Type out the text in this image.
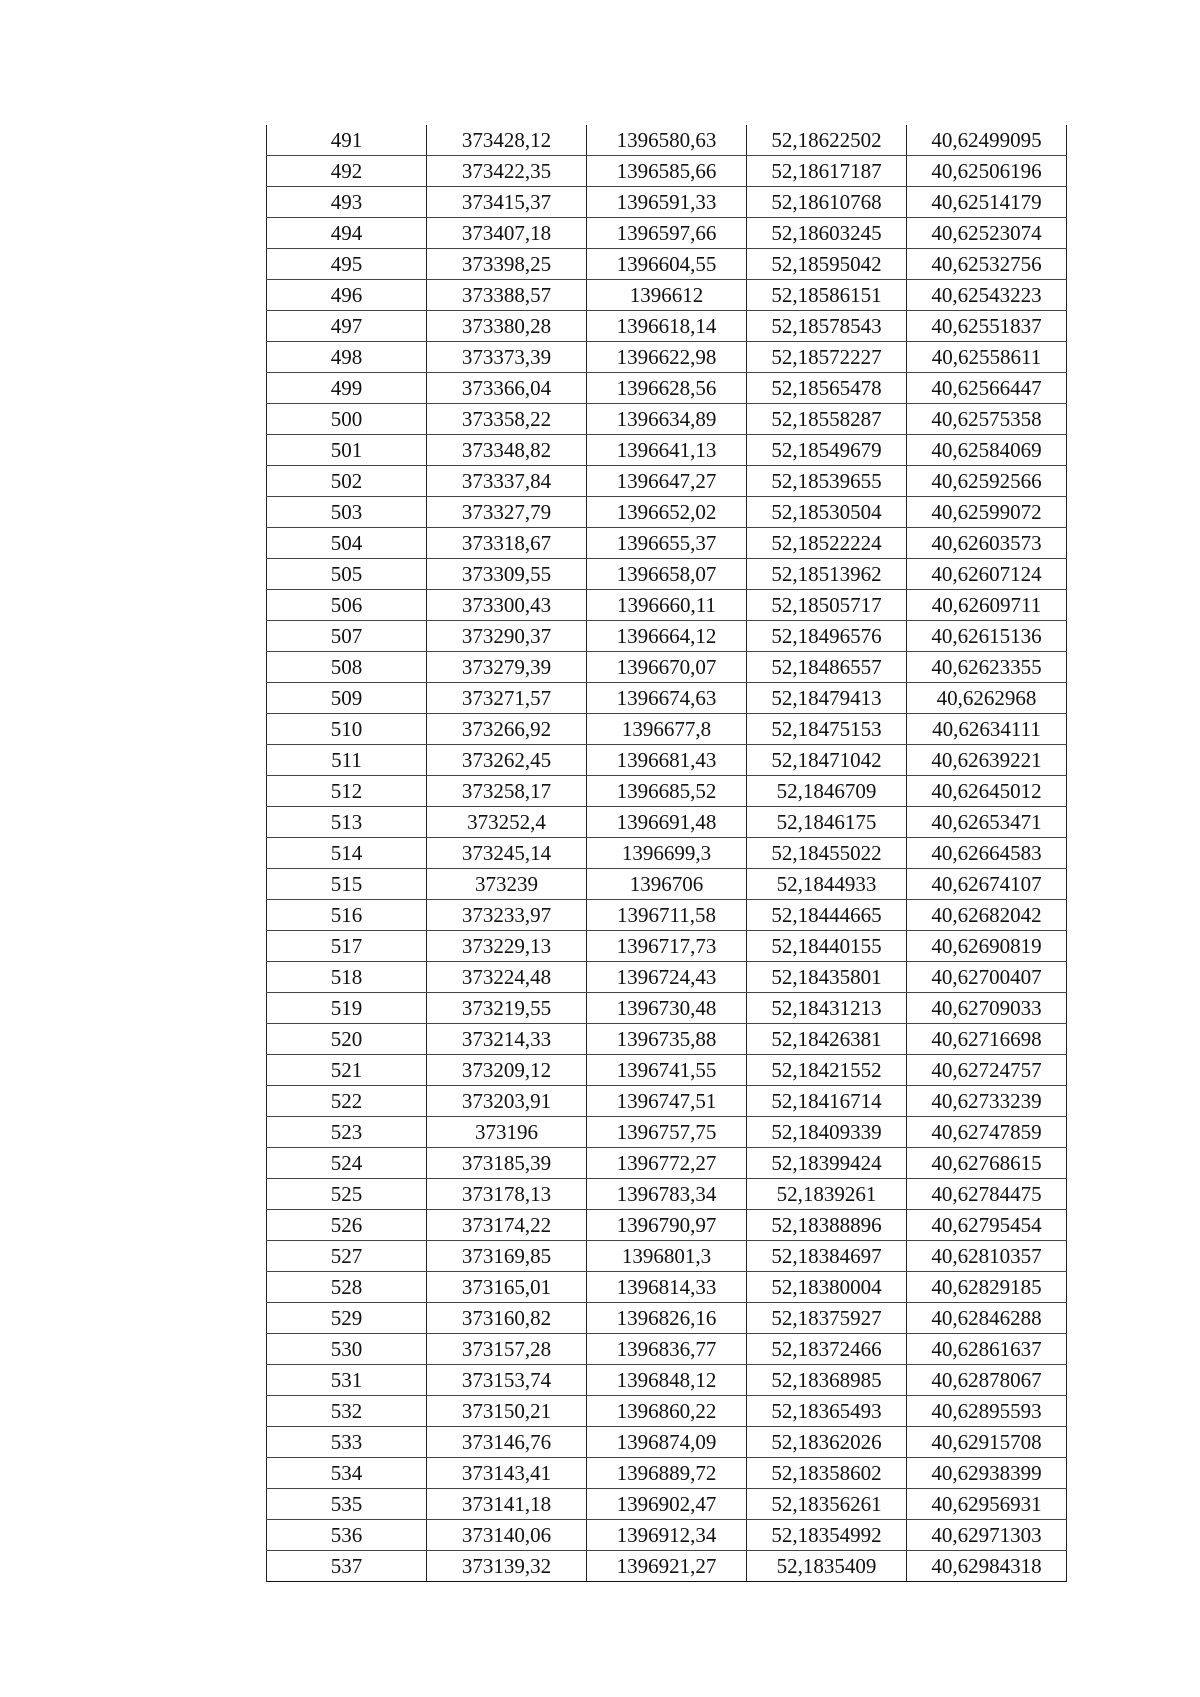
491	373428,12	1396580,63	52,18622502	40,62499095
492	373422,35	1396585,66	52,18617187	40,62506196
493	373415,37	1396591,33	52,18610768	40,62514179
494	373407,18	1396597,66	52,18603245	40,62523074
495	373398,25	1396604,55	52,18595042	40,62532756
496	373388,57	1396612	52,18586151	40,62543223
497	373380,28	1396618,14	52,18578543	40,62551837
498	373373,39	1396622,98	52,18572227	40,62558611
499	373366,04	1396628,56	52,18565478	40,62566447
500	373358,22	1396634,89	52,18558287	40,62575358
501	373348,82	1396641,13	52,18549679	40,62584069
502	373337,84	1396647,27	52,18539655	40,62592566
503	373327,79	1396652,02	52,18530504	40,62599072
504	373318,67	1396655,37	52,18522224	40,62603573
505	373309,55	1396658,07	52,18513962	40,62607124
506	373300,43	1396660,11	52,18505717	40,62609711
507	373290,37	1396664,12	52,18496576	40,62615136
508	373279,39	1396670,07	52,18486557	40,62623355
509	373271,57	1396674,63	52,18479413	40,6262968
510	373266,92	1396677,8	52,18475153	40,62634111
511	373262,45	1396681,43	52,18471042	40,62639221
512	373258,17	1396685,52	52,1846709	40,62645012
513	373252,4	1396691,48	52,1846175	40,62653471
514	373245,14	1396699,3	52,18455022	40,62664583
515	373239	1396706	52,1844933	40,62674107
516	373233,97	1396711,58	52,18444665	40,62682042
517	373229,13	1396717,73	52,18440155	40,62690819
518	373224,48	1396724,43	52,18435801	40,62700407
519	373219,55	1396730,48	52,18431213	40,62709033
520	373214,33	1396735,88	52,18426381	40,62716698
521	373209,12	1396741,55	52,18421552	40,62724757
522	373203,91	1396747,51	52,18416714	40,62733239
523	373196	1396757,75	52,18409339	40,62747859
524	373185,39	1396772,27	52,18399424	40,62768615
525	373178,13	1396783,34	52,1839261	40,62784475
526	373174,22	1396790,97	52,18388896	40,62795454
527	373169,85	1396801,3	52,18384697	40,62810357
528	373165,01	1396814,33	52,18380004	40,62829185
529	373160,82	1396826,16	52,18375927	40,62846288
530	373157,28	1396836,77	52,18372466	40,62861637
531	373153,74	1396848,12	52,18368985	40,62878067
532	373150,21	1396860,22	52,18365493	40,62895593
533	373146,76	1396874,09	52,18362026	40,62915708
534	373143,41	1396889,72	52,18358602	40,62938399
535	373141,18	1396902,47	52,18356261	40,62956931
536	373140,06	1396912,34	52,18354992	40,62971303
537	373139,32	1396921,27	52,1835409	40,62984318
